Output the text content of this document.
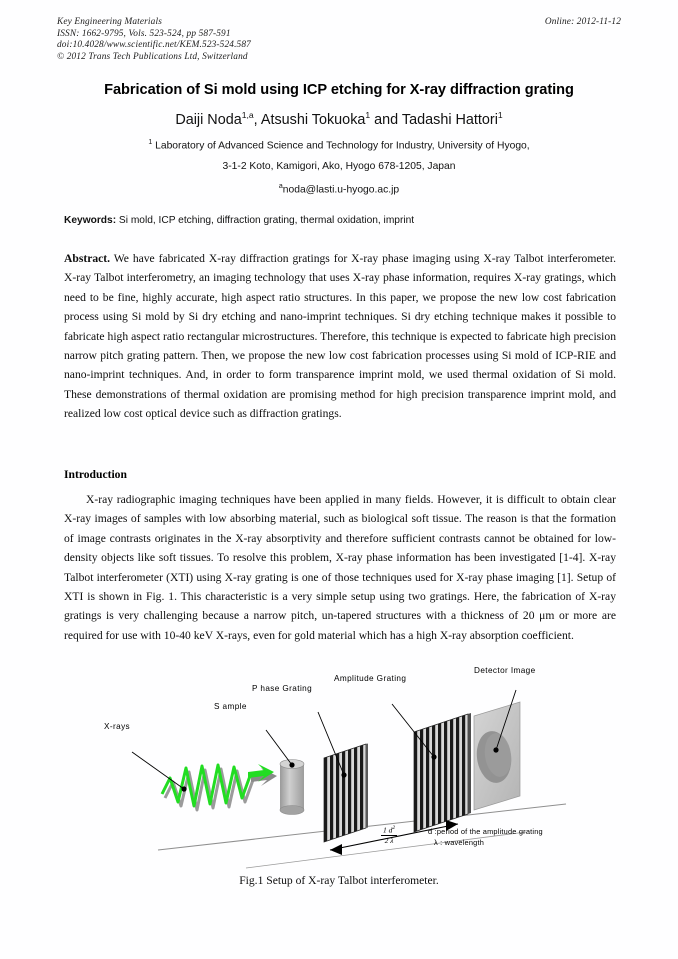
Key Engineering Materials
ISSN: 1662-9795, Vols. 523-524, pp 587-591
doi:10.4028/www.scientific.net/KEM.523-524.587
© 2012 Trans Tech Publications Ltd, Switzerland
Online: 2012-11-12
Fabrication of Si mold using ICP etching for X-ray diffraction grating
Daiji Noda$^{1,a}$, Atsushi Tokuoka$^1$ and Tadashi Hattori$^1$
$^1$ Laboratory of Advanced Science and Technology for Industry, University of Hyogo,
3-1-2 Koto, Kamigori, Ako, Hyogo 678-1205, Japan
$^a$noda@lasti.u-hyogo.ac.jp
Keywords: Si mold, ICP etching, diffraction grating, thermal oxidation, imprint
Abstract. We have fabricated X-ray diffraction gratings for X-ray phase imaging using X-ray Talbot interferometer. X-ray Talbot interferometry, an imaging technology that uses X-ray phase information, requires X-ray gratings, which need to be fine, highly accurate, high aspect ratio structures. In this paper, we propose the new low cost fabrication process using Si mold by Si dry etching and nano-imprint techniques. Si dry etching technique makes it possible to fabricate high aspect ratio rectangular microstructures. Therefore, this technique is expected to fabricate high precision narrow pitch grating pattern. Then, we propose the new low cost fabrication processes using Si mold of ICP-RIE and nano-imprint techniques. And, in order to form transparence imprint mold, we used thermal oxidation of Si mold. These demonstrations of thermal oxidation are promising method for high precision transparence imprint mold, and realized low cost optical device such as diffraction gratings.
Introduction
X-ray radiographic imaging techniques have been applied in many fields. However, it is difficult to obtain clear X-ray images of samples with low absorbing material, such as biological soft tissue. The reason is that the formation of image contrasts originates in the X-ray absorptivity and therefore sufficient contrasts cannot be obtained for low-density objects like soft tissues. To resolve this problem, X-ray phase information has been investigated [1-4]. X-ray Talbot interferometer (XTI) using X-ray grating is one of those techniques used for X-ray phase imaging [1]. Setup of XTI is shown in Fig. 1. This characteristic is a very simple setup using two gratings. Here, the fabrication of X-ray gratings is very challenging because a narrow pitch, un-tapered structures with a thickness of 20 μm or more are required for use with 10-40 keV X-rays, even for gold material which has a high X-ray absorption coefficient.
X-rays
S ample
P hase Grating
Amplitude Grating
Detector Image
$\frac{1 d^2}{2 \lambda}$	d :period of the amplitude grating
λ : wavelength
Fig.1 Setup of X-ray Talbot interferometer.
